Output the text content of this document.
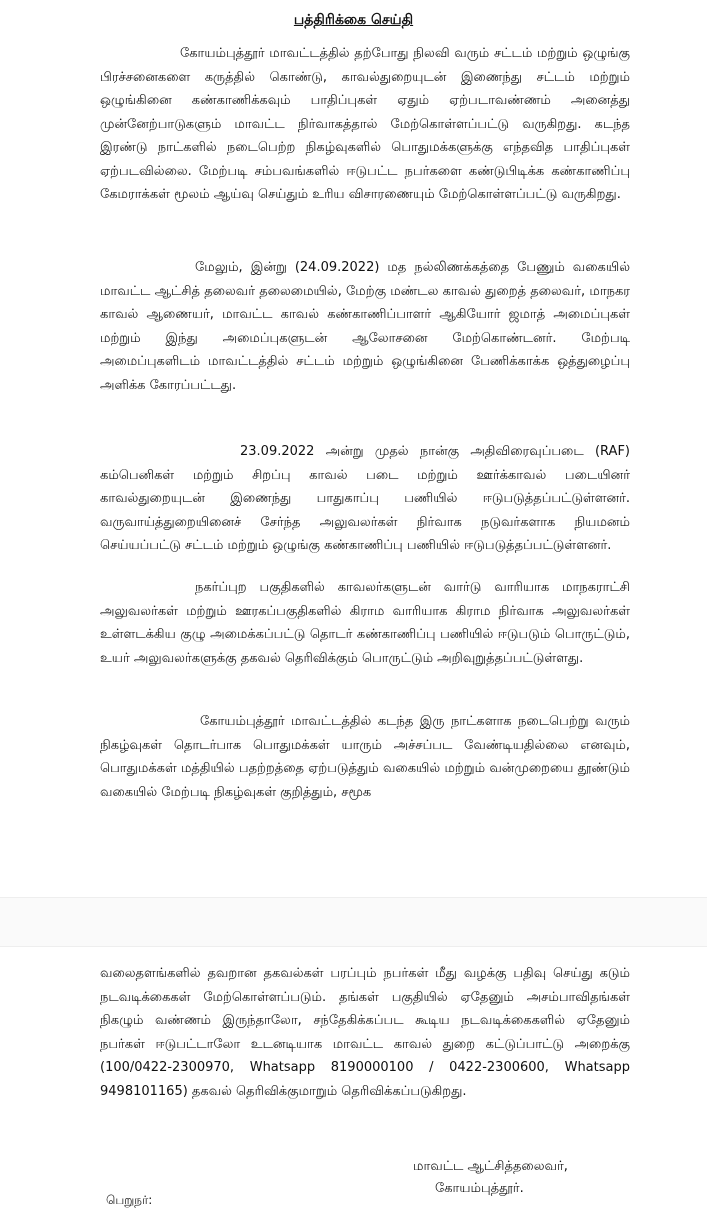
பத்திரிக்கை செய்தி
கோயம்புத்தூர் மாவட்டத்தில் தற்போது நிலவி வரும் சட்டம் மற்றும் ஒழுங்கு பிரச்சனைகளை கருத்தில் கொண்டு, காவல்துறையுடன் இணைந்து சட்டம் மற்றும் ஒழுங்கினை கண்காணிக்கவும் பாதிப்புகள் ஏதும் ஏற்படாவண்ணம் அனைத்து முன்னேற்பாடுகளும் மாவட்ட நிர்வாகத்தால் மேற்கொள்ளப்பட்டு வருகிறது. கடந்த இரண்டு நாட்களில் நடைபெற்ற நிகழ்வுகளில் பொதுமக்களுக்கு எந்தவித பாதிப்புகள் ஏற்படவில்லை. மேற்படி சம்பவங்களில் ஈடுபட்ட நபர்களை கண்டுபிடிக்க கண்காணிப்பு கேமராக்கள் மூலம் ஆய்வு செய்தும் உரிய விசாரணையும் மேற்கொள்ளப்பட்டு வருகிறது.
மேலும், இன்று (24.09.2022) மத நல்லிணக்கத்தை பேணும் வகையில் மாவட்ட ஆட்சித் தலைவர் தலைமையில், மேற்கு மண்டல காவல் துறைத் தலைவர், மாநகர காவல் ஆணையர், மாவட்ட காவல் கண்காணிப்பாளர் ஆகியோர் ஜமாத் அமைப்புகள் மற்றும் இந்து அமைப்புகளுடன் ஆலோசனை மேற்கொண்டனர். மேற்படி அமைப்புகளிடம் மாவட்டத்தில் சட்டம் மற்றும் ஒழுங்கினை பேணிக்காக்க ஒத்துழைப்பு அளிக்க கோரப்பட்டது.
23.09.2022 அன்று முதல் நான்கு அதிவிரைவுப்படை (RAF) கம்பெனிகள் மற்றும் சிறப்பு காவல் படை மற்றும் ஊர்க்காவல் படையினர் காவல்துறையுடன் இணைந்து பாதுகாப்பு பணியில் ஈடுபடுத்தப்பட்டுள்ளனர். வருவாய்த்துறையினைச் சேர்ந்த அலுவலர்கள் நிர்வாக நடுவர்களாக நியமனம் செய்யப்பட்டு சட்டம் மற்றும் ஒழுங்கு கண்காணிப்பு பணியில் ஈடுபடுத்தப்பட்டுள்ளனர்.
நகர்ப்புற பகுதிகளில் காவலர்களுடன் வார்டு வாரியாக மாநகராட்சி அலுவலர்கள் மற்றும் ஊரகப்பகுதிகளில் கிராம வாரியாக கிராம நிர்வாக அலுவலர்கள் உள்ளடக்கிய குழு அமைக்கப்பட்டு தொடர் கண்காணிப்பு பணியில் ஈடுபடும் பொருட்டும், உயர் அலுவலர்களுக்கு தகவல் தெரிவிக்கும் பொருட்டும் அறிவுறுத்தப்பட்டுள்ளது.
கோயம்புத்தூர் மாவட்டத்தில் கடந்த இரு நாட்களாக நடைபெற்று வரும் நிகழ்வுகள் தொடர்பாக பொதுமக்கள் யாரும் அச்சப்பட வேண்டியதில்லை எனவும், பொதுமக்கள் மத்தியில் பதற்றத்தை ஏற்படுத்தும் வகையில் மற்றும் வன்முறையை தூண்டும் வகையில் மேற்படி நிகழ்வுகள் குறித்தும், சமூக
வலைதளங்களில் தவறான தகவல்கள் பரப்பும் நபர்கள் மீது வழக்கு பதிவு செய்து கடும் நடவடிக்கைகள் மேற்கொள்ளப்படும். தங்கள் பகுதியில் ஏதேனும் அசம்பாவிதங்கள் நிகழும் வண்ணம் இருந்தாலோ, சந்தேகிக்கப்பட கூடிய நடவடிக்கைகளில் ஏதேனும் நபர்கள் ஈடுபட்டாலோ உடனடியாக மாவட்ட காவல் துறை கட்டுப்பாட்டு அறைக்கு (100/0422-2300970, Whatsapp 8190000100 / 0422-2300600, Whatsapp 9498101165) தகவல் தெரிவிக்குமாறும் தெரிவிக்கப்படுகிறது.
மாவட்ட ஆட்சித்தலைவர்,
கோயம்புத்தூர்.
பெறுநர்:
